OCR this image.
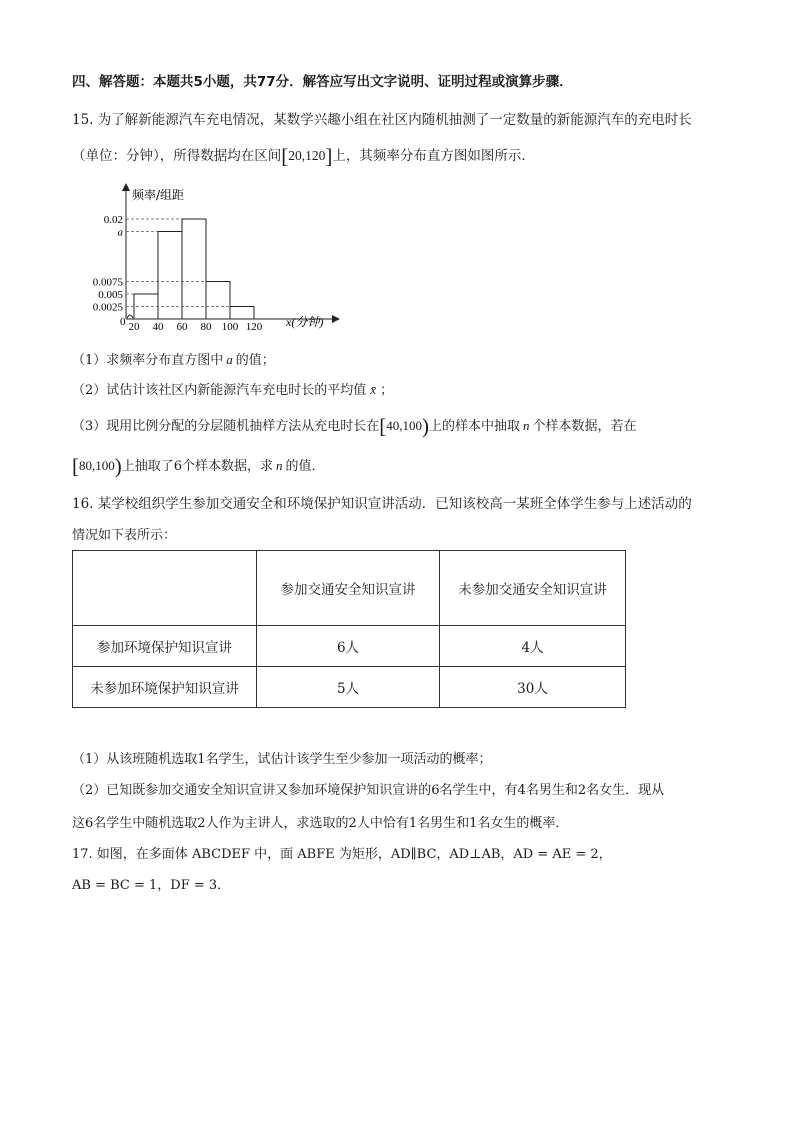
四、解答题：本题共5小题，共77分．解答应写出文字说明、证明过程或演算步骤．
15. 为了解新能源汽车充电情况，某数学兴趣小组在社区内随机抽测了一定数量的新能源汽车的充电时长
（单位：分钟），所得数据均在区间[20,120]上，其频率分布直方图如图所示．
0.02
a
0.0075
0.005
0.0025
20 40 60 80 100 120
频率/组距
x(分钟)
0
（1）求频率分布直方图中 a 的值；
（2）试估计该社区内新能源汽车充电时长的平均值 x̄ ；
（3）现用比例分配的分层随机抽样方法从充电时长在[40,100)上的样本中抽取 n 个样本数据，若在
[80,100)上抽取了6个样本数据，求 n 的值．
16. 某学校组织学生参加交通安全和环境保护知识宣讲活动．已知该校高一某班全体学生参与上述活动的
情况如下表所示：
	参加交通安全知识宣讲	未参加交通安全知识宣讲
参加环境保护知识宣讲	6人	4人
未参加环境保护知识宣讲	5人	30人
（1）从该班随机选取1名学生，试估计该学生至少参加一项活动的概率；
（2）已知既参加交通安全知识宣讲又参加环境保护知识宣讲的6名学生中，有4名男生和2名女生．现从
这6名学生中随机选取2人作为主讲人，求选取的2人中恰有1名男生和1名女生的概率．
17. 如图，在多面体 ABCDEF 中，面 ABFE 为矩形，AD∥BC，AD⊥AB，AD = AE = 2，
AB = BC = 1，DF = 3．
